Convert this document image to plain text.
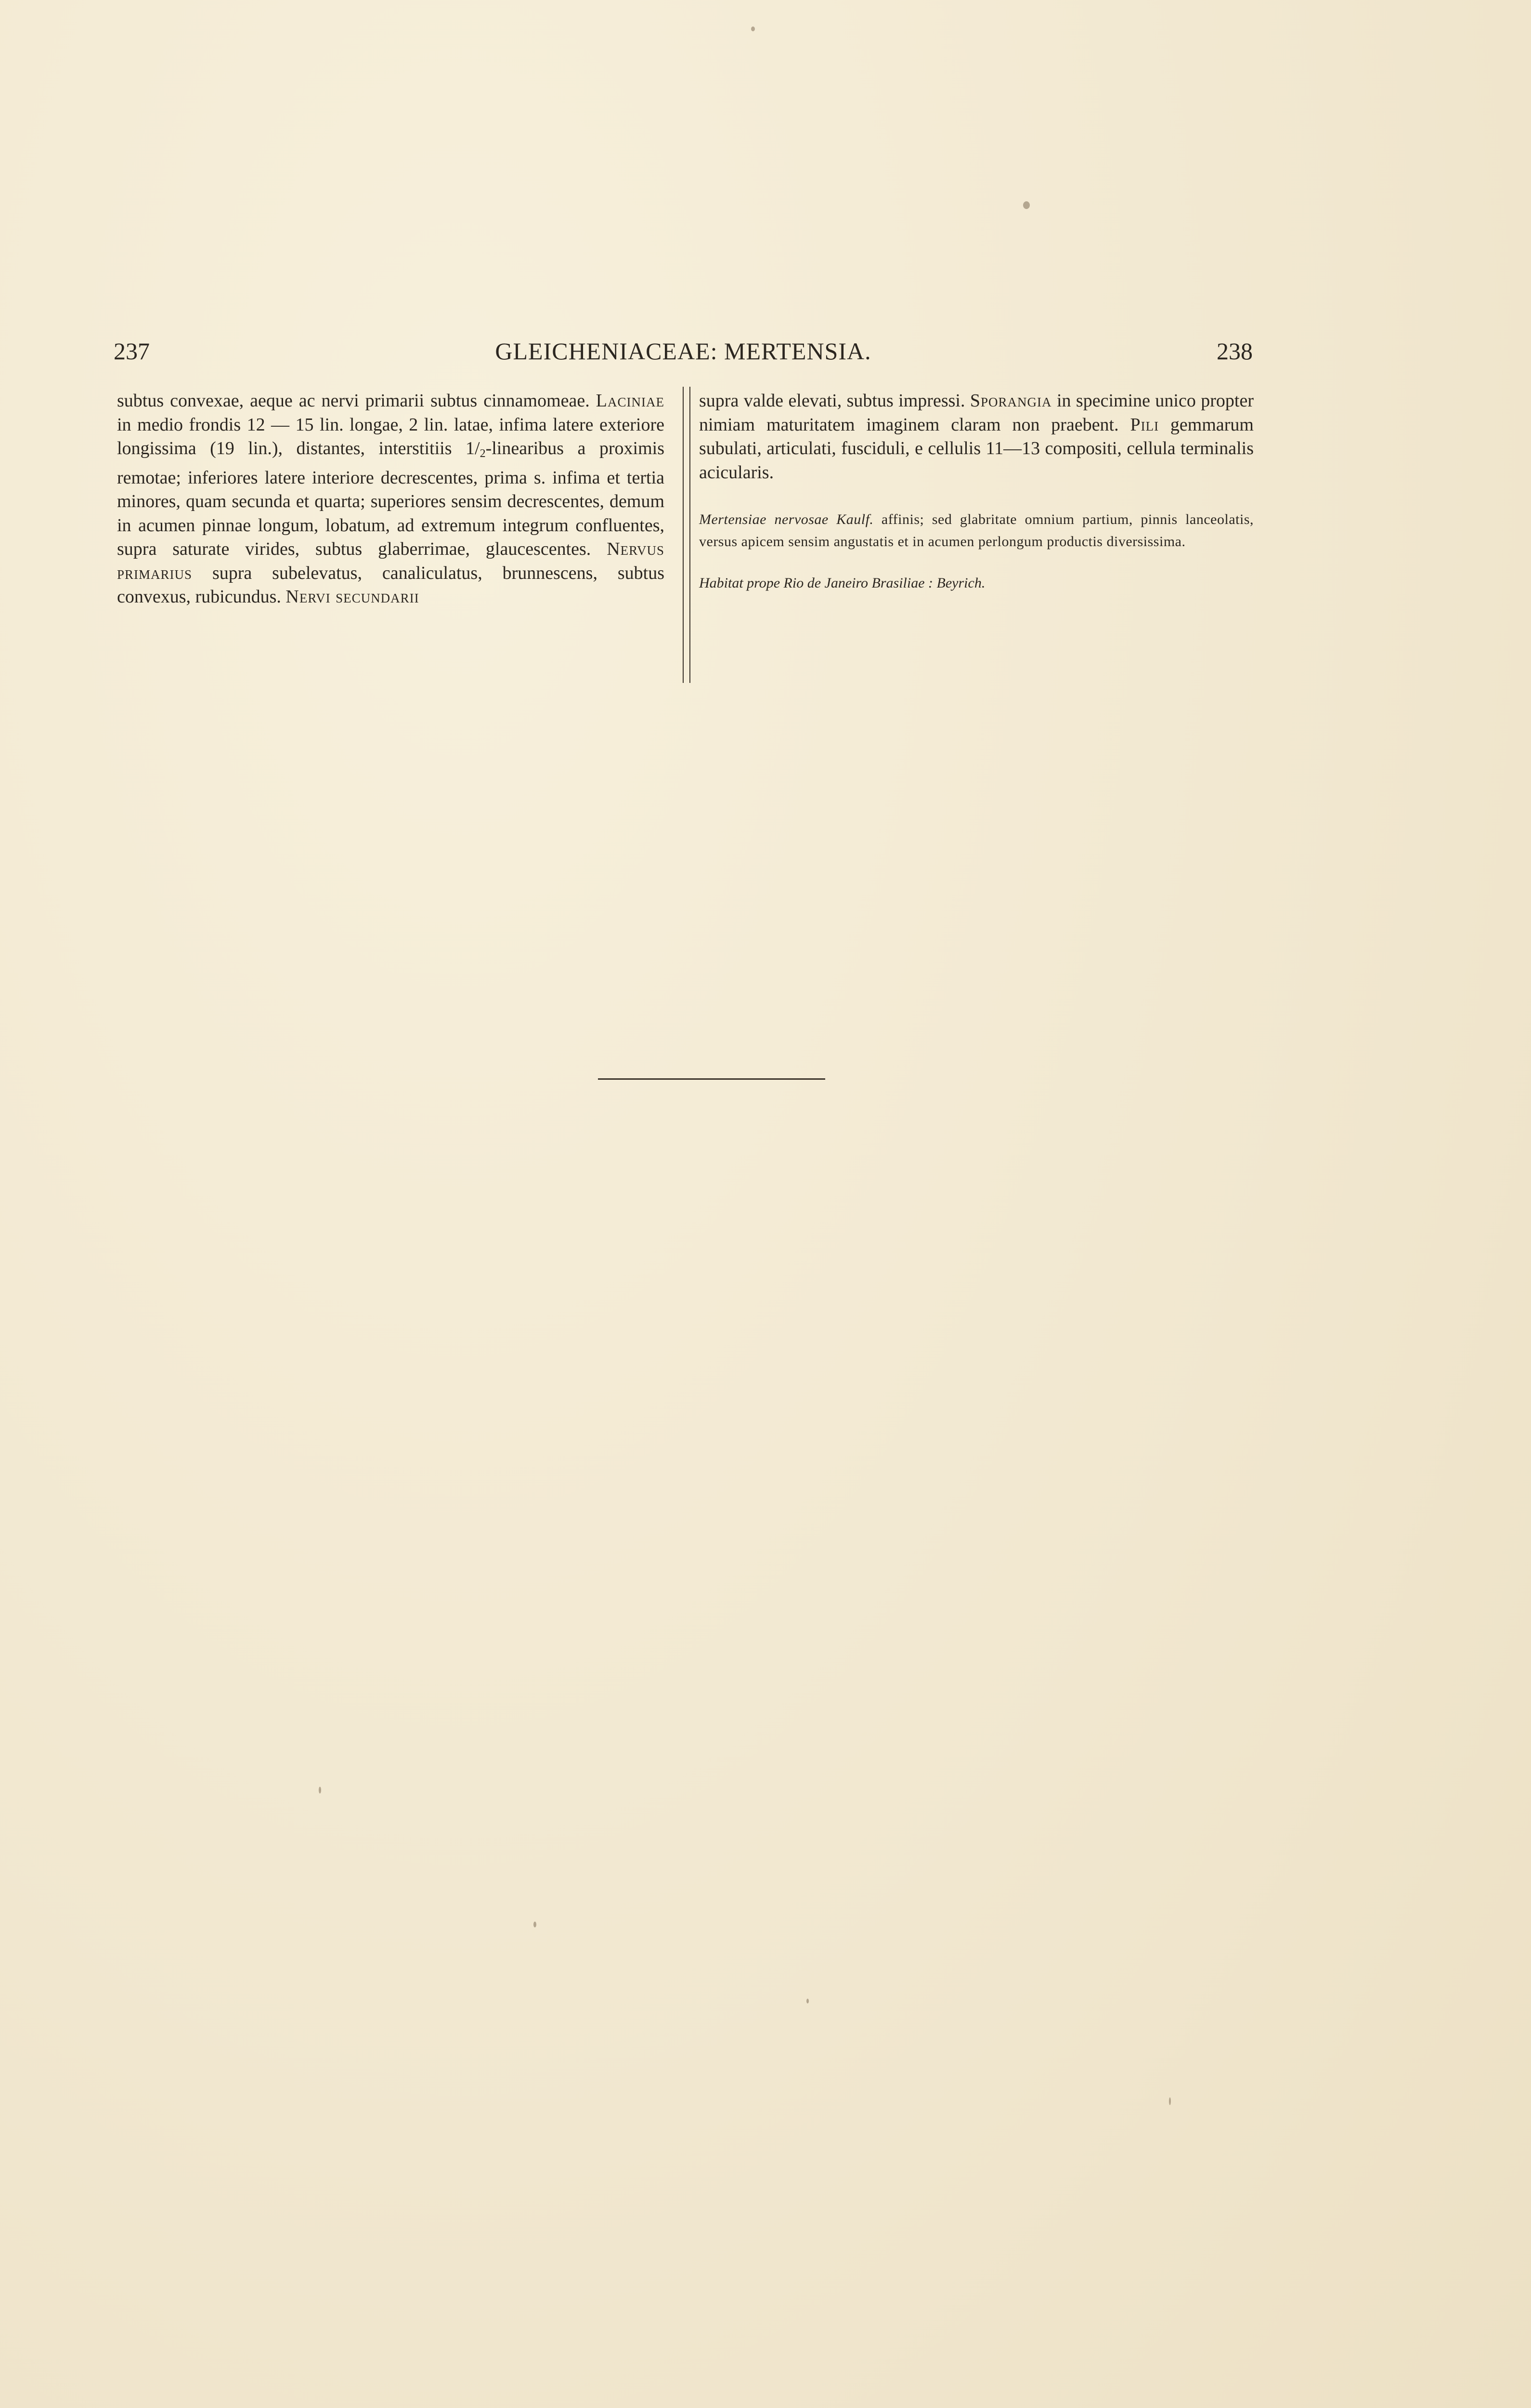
237	GLEICHENIACEAE: MERTENSIA.	238

subtus convexae, aeque ac nervi primarii subtus cinnamomeae. Laciniae in medio frondis 12 — 15 lin. longae, 2 lin. latae, infima latere exteriore longissima (19 lin.), distantes, interstitiis $1/_2$-linearibus a proximis remotae; inferiores latere interiore decrescentes, prima s. infima et tertia minores, quam secunda et quarta; superiores sensim decrescentes, demum in acumen pinnae longum, lobatum, ad extremum integrum confluentes, supra saturate virides, subtus glaberrimae, glaucescentes. Nervus primarius supra subelevatus, canaliculatus, brunnescens, subtus convexus, rubicundus. Nervi secundarii

supra valde elevati, subtus impressi. Sporangia in specimine unico propter nimiam maturitatem imaginem claram non praebent. Pili gemmarum subulati, articulati, fusciduli, e cellulis 11—13 compositi, cellula terminalis acicularis.

Mertensiae nervosae Kaulf. affinis; sed glabritate omnium partium, pinnis lanceolatis, versus apicem sensim angustatis et in acumen perlongum productis diversissima.

Habitat prope Rio de Janeiro Brasiliae : Beyrich.
